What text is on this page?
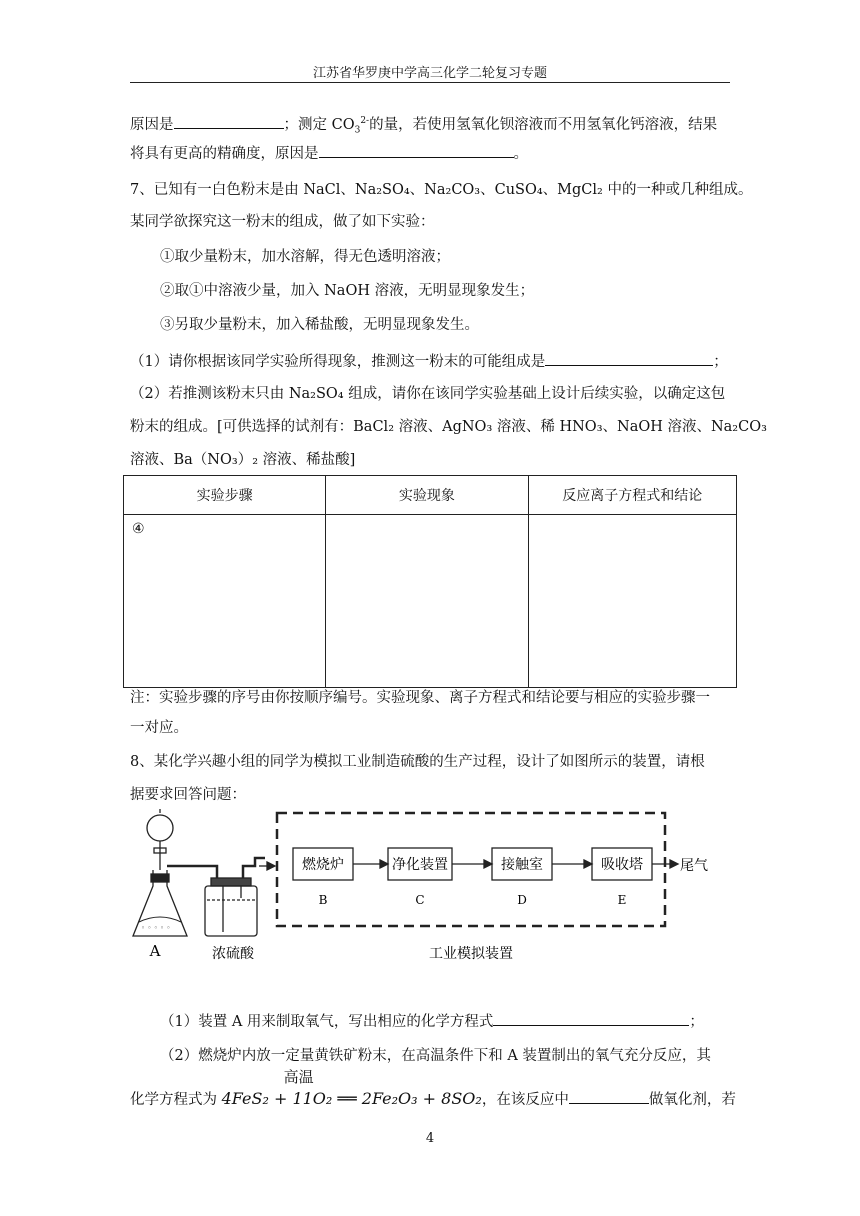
江苏省华罗庚中学高三化学二轮复习专题
原因是	；测定 $CO_3^{2-}$的量，若使用氢氧化钡溶液而不用氢氧化钙溶液，结果
将具有更高的精确度，原因是	。
7、已知有一白色粉末是由 NaCl、Na₂SO₄、Na₂CO₃、CuSO₄、MgCl₂ 中的一种或几种组成。
某同学欲探究这一粉末的组成，做了如下实验：
①取少量粉末，加水溶解，得无色透明溶液；
②取①中溶液少量，加入 NaOH 溶液，无明显现象发生；
③另取少量粉末，加入稀盐酸，无明显现象发生。
（1）请你根据该同学实验所得现象，推测这一粉末的可能组成是	；
（2）若推测该粉末只由 Na₂SO₄ 组成，请你在该同学实验基础上设计后续实验，以确定这包
粉末的组成。[可供选择的试剂有：BaCl₂ 溶液、AgNO₃ 溶液、稀 HNO₃、NaOH 溶液、Na₂CO₃
溶液、Ba（NO₃）₂ 溶液、稀盐酸]
实验步骤	实验现象	反应离子方程式和结论
④		
注：实验步骤的序号由你按顺序编号。实验现象、离子方程式和结论要与相应的实验步骤一
一对应。
8、某化学兴趣小组的同学为模拟工业制造硫酸的生产过程，设计了如图所示的装置，请根
据要求回答问题：
◦ ◦ ◦ ◦ ◦
A	浓硫酸
燃烧炉	净化装置	接触室	吸收塔
B	C	D	E
尾气
工业模拟装置
（1）装置 A 用来制取氧气，写出相应的化学方程式	；
（2）燃烧炉内放一定量黄铁矿粉末，在高温条件下和 A 装置制出的氧气充分反应，其
化学方程式为
高温
4FeS₂ + 11O₂ ══ 2Fe₂O₃ + 8SO₂，在该反应中	做氧化剂，若
4
